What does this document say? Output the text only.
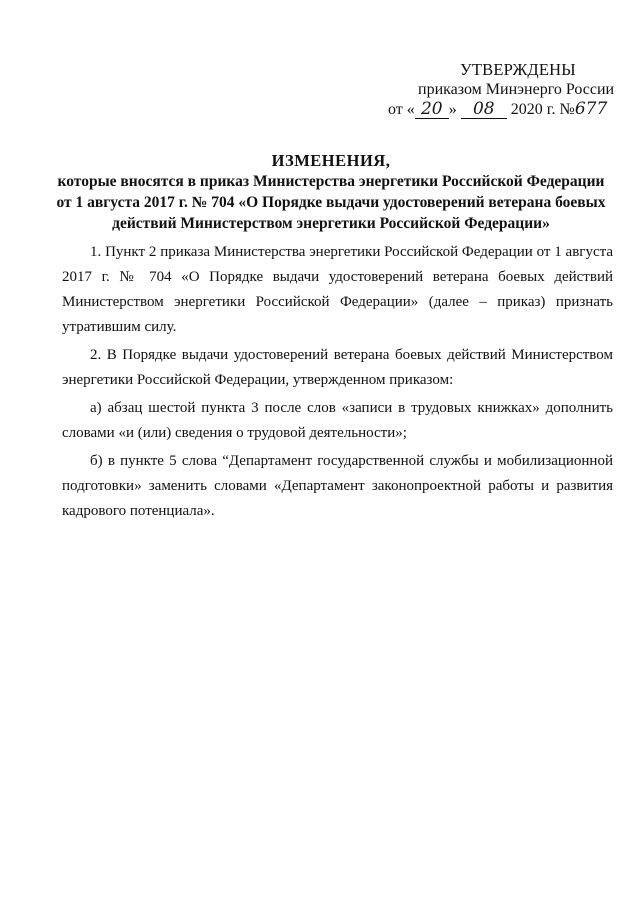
УТВЕРЖДЕНЫ
приказом Минэнерго России
от « 20 » 08 2020 г. №677
ИЗМЕНЕНИЯ,
которые вносятся в приказ Министерства энергетики Российской Федерации
от 1 августа 2017 г. № 704 «О Порядке выдачи удостоверений ветерана боевых
действий Министерством энергетики Российской Федерации»

1. Пункт 2 приказа Министерства энергетики Российской Федерации от 1 августа 2017 г. № 704 «О Порядке выдачи удостоверений ветерана боевых действий Министерством энергетики Российской Федерации» (далее – приказ) признать утратившим силу.

2. В Порядке выдачи удостоверений ветерана боевых действий Министерством энергетики Российской Федерации, утвержденном приказом:

а) абзац шестой пункта 3 после слов «записи в трудовых книжках» дополнить словами «и (или) сведения о трудовой деятельности»;

б) в пункте 5 слова “Департамент государственной службы и мобилизационной подготовки» заменить словами «Департамент законопроектной работы и развития кадрового потенциала».
